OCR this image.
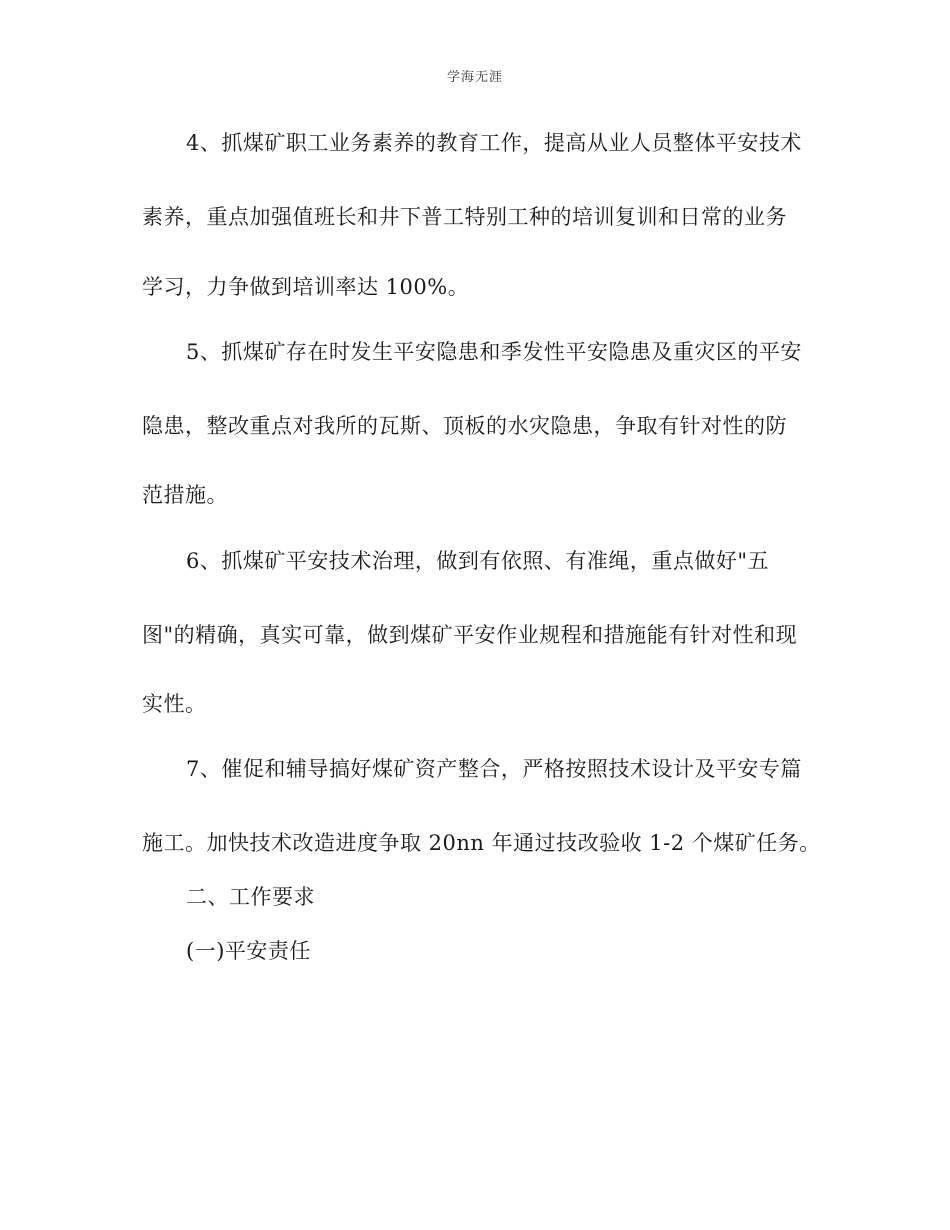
学海无涯
4、抓煤矿职工业务素养的教育工作，提高从业人员整体平安技术
素养，重点加强值班长和井下普工特别工种的培训复训和日常的业务
学习，力争做到培训率达 100%。
5、抓煤矿存在时发生平安隐患和季发性平安隐患及重灾区的平安
隐患，整改重点对我所的瓦斯、顶板的水灾隐患，争取有针对性的防
范措施。
6、抓煤矿平安技术治理，做到有依照、有准绳，重点做好"五
图"的精确，真实可靠，做到煤矿平安作业规程和措施能有针对性和现
实性。
7、催促和辅导搞好煤矿资产整合，严格按照技术设计及平安专篇
施工。加快技术改造进度争取 20nn 年通过技改验收 1-2 个煤矿任务。
二、工作要求
(一)平安责任
